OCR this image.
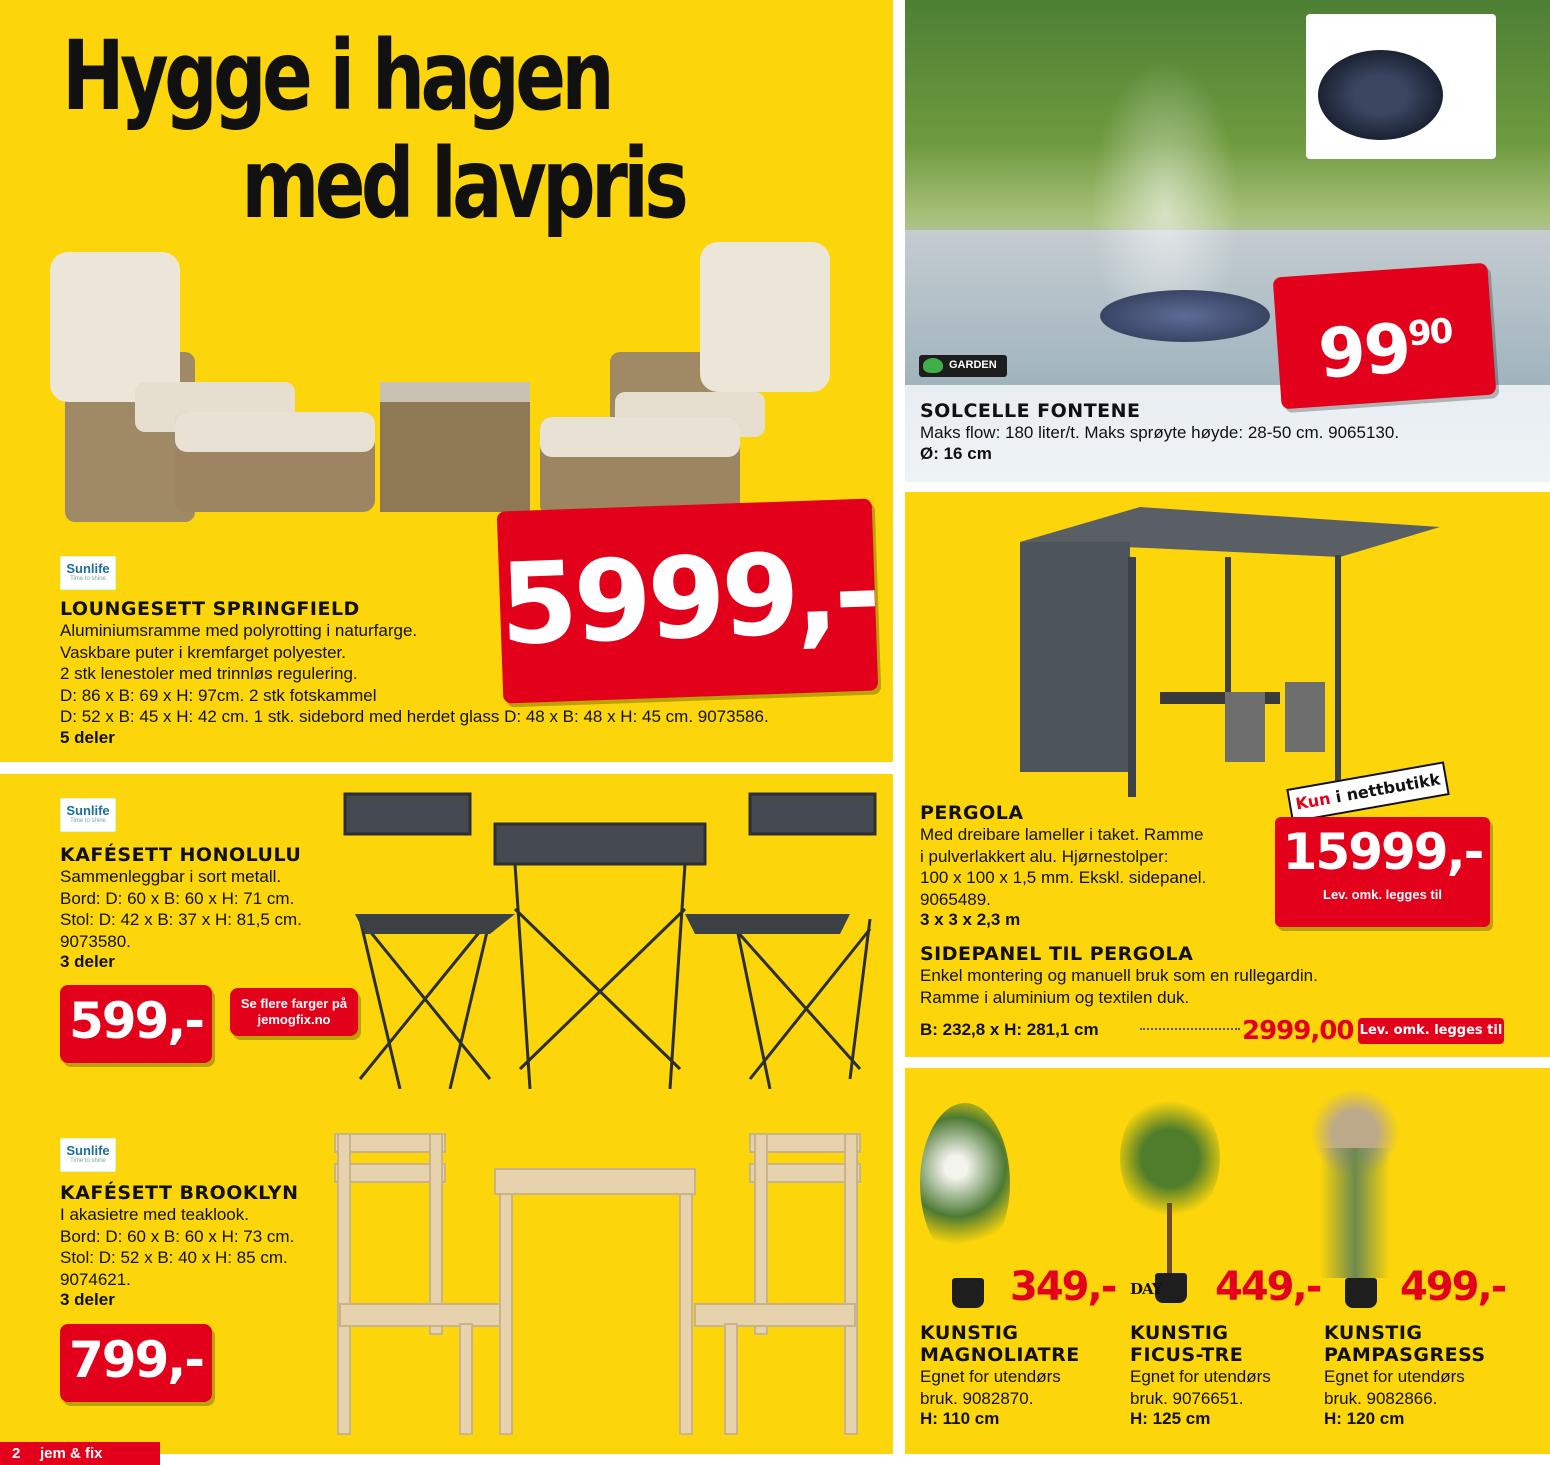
Hygge i hagen
med lavpris
5999,-
Sunlife
Time to shine
LOUNGESETT SPRINGFIELD
Aluminiumsramme med polyrotting i naturfarge.
Vaskbare puter i kremfarget polyester.
2 stk lenestoler med trinnløs regulering.
D: 86 x B: 69 x H: 97cm. 2 stk fotskammel
D: 52 x B: 45 x H: 42 cm. 1 stk. sidebord med herdet glass D: 48 x B: 48 x H: 45 cm. 9073586.
5 deler
GARDEN	$99^{90}$
SOLCELLE FONTENE
Maks flow: 180 liter/t. Maks sprøyte høyde: 28-50 cm. 9065130.
Ø: 16 cm
Kun i nettbutikk
15999,-
Lev. omk. legges til
PERGOLA
Med dreibare lameller i taket. Ramme
i pulverlakkert alu. Hjørnestolper:
100 x 100 x 1,5 mm. Ekskl. sidepanel.
9065489.
3 x 3 x 2,3 m
SIDEPANEL TIL PERGOLA
Enkel montering og manuell bruk som en rullegardin.
Ramme i aluminium og textilen duk.
B: 232,8 x H: 281,1 cm	2999,00 Lev. omk. legges til
Sunlife
Time to shine
KAFÉSETT HONOLULU
Sammenleggbar i sort metall.
Bord: D: 60 x B: 60 x H: 71 cm.
Stol: D: 42 x B: 37 x H: 81,5 cm.
9073580.
3 deler
599,-	Se flere farger på jemogfix.no
Sunlife
Time to shine
KAFÉSETT BROOKLYN
I akasietre med teaklook.
Bord: D: 60 x B: 60 x H: 73 cm.
Stol: D: 52 x B: 40 x H: 85 cm.
9074621.
3 deler
799,-
349,- DAY 449,- 499,-
KUNSTIG
MAGNOLIATRE
Egnet for utendørs
bruk. 9082870.
H: 110 cm
KUNSTIG
FICUS-TRE
Egnet for utendørs
bruk. 9076651.
H: 125 cm
KUNSTIG
PAMPASGRESS
Egnet for utendørs
bruk. 9082866.
H: 120 cm
2 jem & fix
